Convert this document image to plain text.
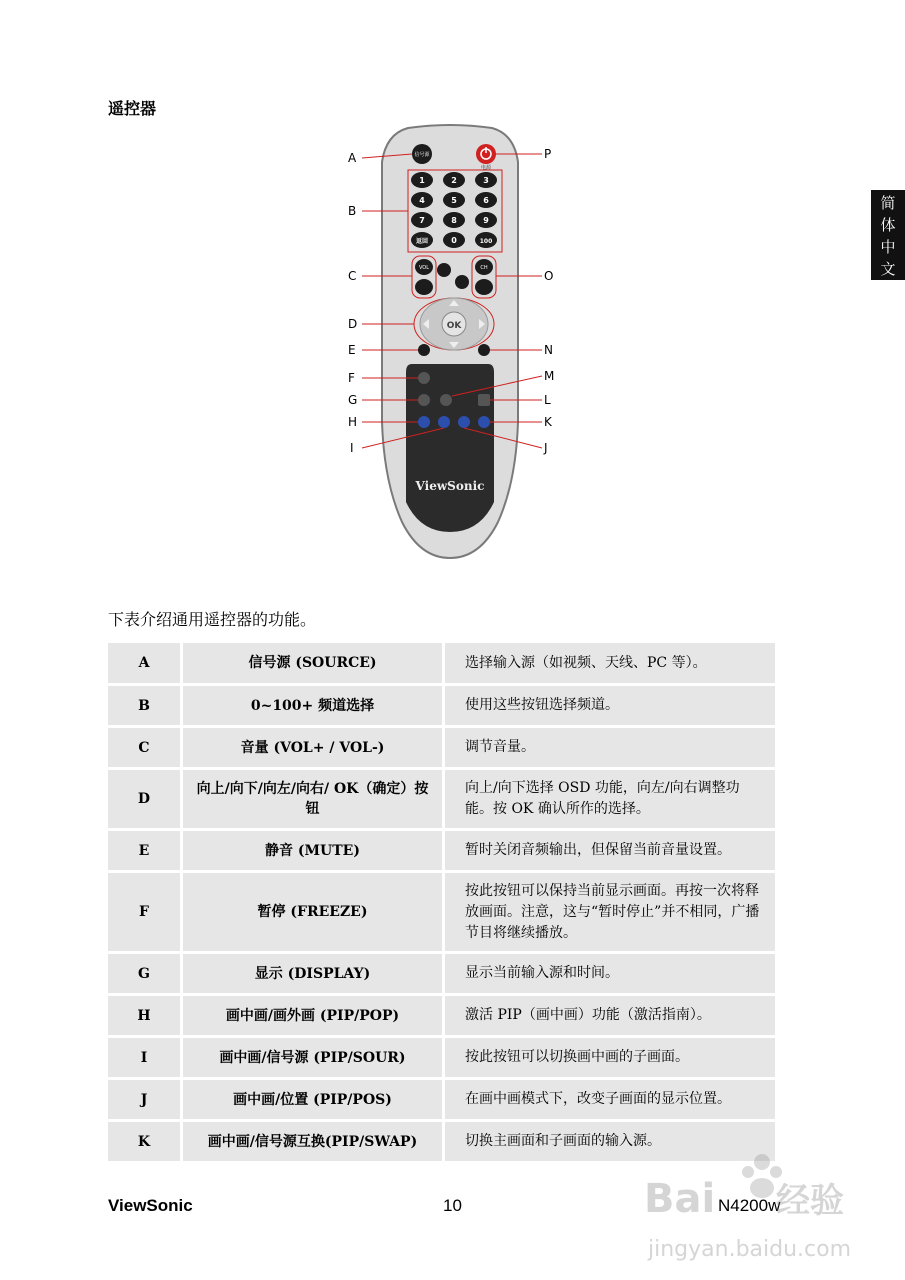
遥控器
简
体
中
文
信号源
电源
1	2	3
4	5	6
7	8	9
返回	0	100
VOL	CH
OK
ViewSonic
A
B
C
D
E
F
G
H
I
P
O
N
M
L
K
J
下表介绍通用遥控器的功能。
A	信号源 (SOURCE)	选择输入源（如视频、天线、PC 等）。
B	0~100+ 频道选择	使用这些按钮选择频道。
C	音量 (VOL+ / VOL-)	调节音量。
D	向上/向下/向左/向右/ OK（确定）按钮	向上/向下选择 OSD 功能，向左/向右调整功能。按 OK 确认所作的选择。
E	静音 (MUTE)	暂时关闭音频输出，但保留当前音量设置。
F	暂停 (FREEZE)	按此按钮可以保持当前显示画面。再按一次将释放画面。注意，这与“暂时停止”并不相同，广播节目将继续播放。
G	显示 (DISPLAY)	显示当前输入源和时间。
H	画中画/画外画 (PIP/POP)	激活 PIP（画中画）功能（激活指南）。
I	画中画/信号源 (PIP/SOUR)	按此按钮可以切换画中画的子画面。
J	画中画/位置 (PIP/POS)	在画中画模式下，改变子画面的显示位置。
K	画中画/信号源互换(PIP/SWAP)	切换主画面和子画面的输入源。
ViewSonic	10	N4200w
Bai 经验
jingyan.baidu.com
